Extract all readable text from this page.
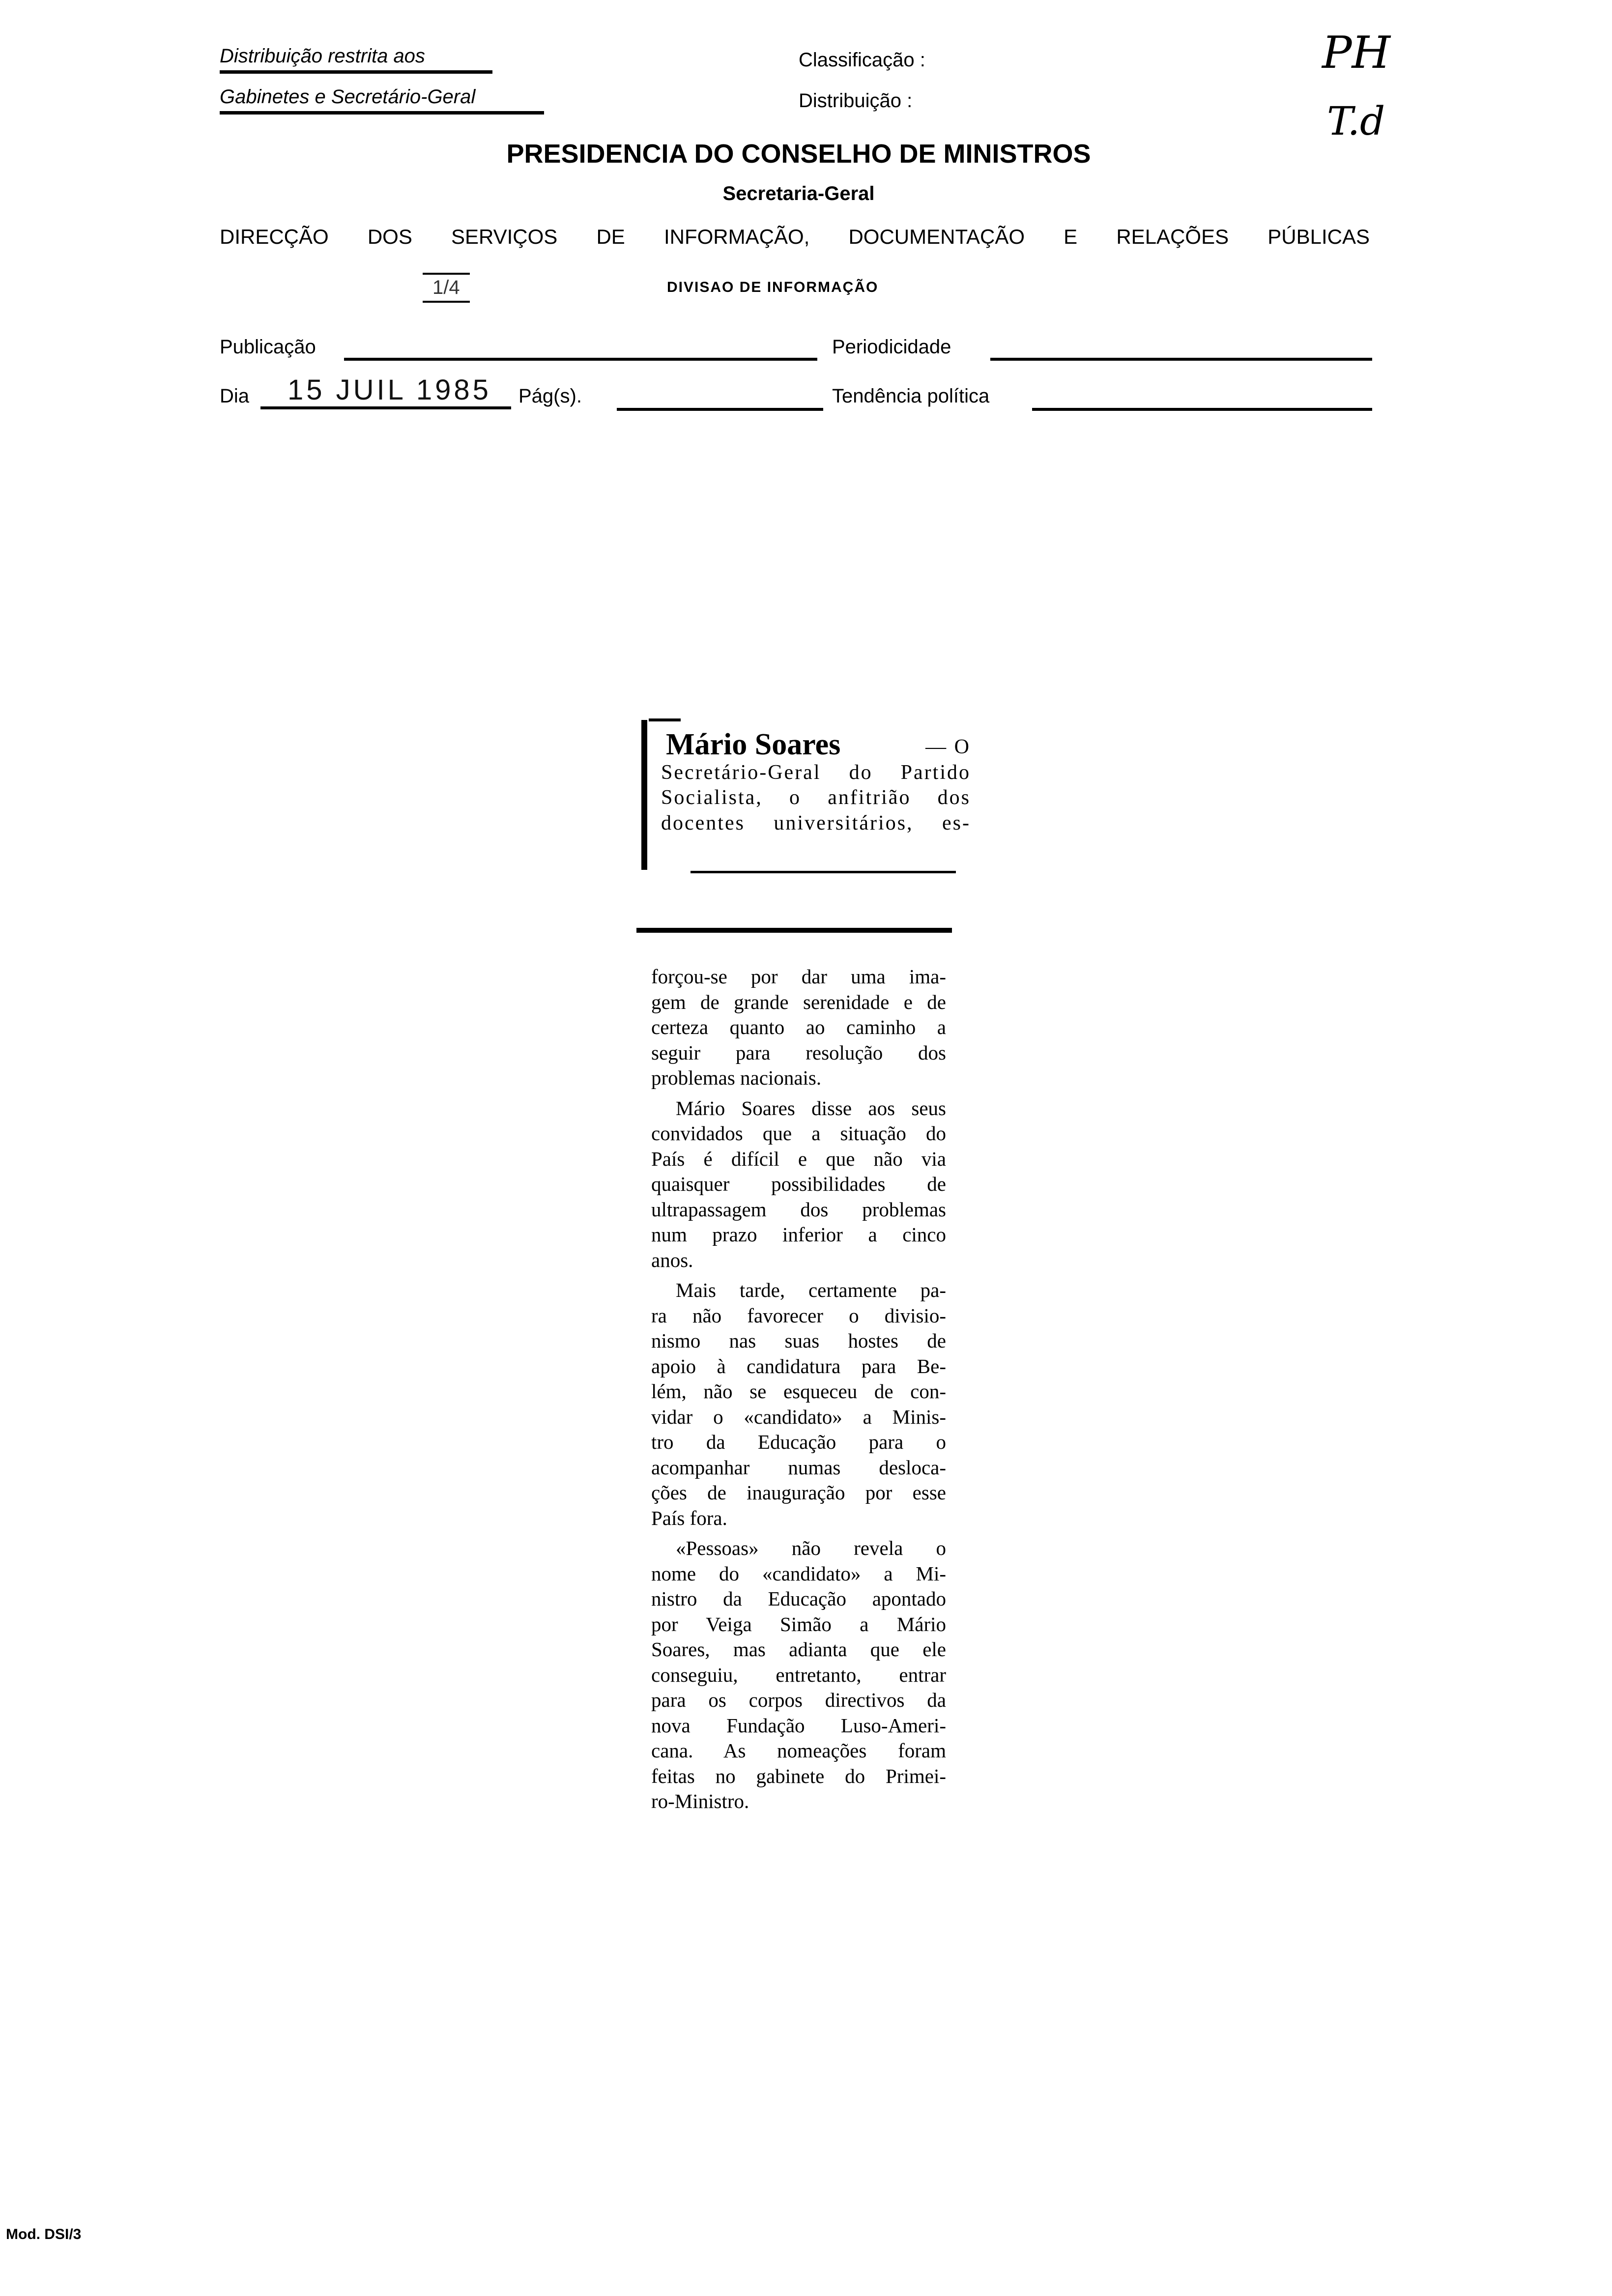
Distribuição restrita aos
Gabinetes e Secretário-Geral
Classificação :
Distribuição :
PH
T.d
PRESIDENCIA DO CONSELHO DE MINISTROS
Secretaria-Geral
DIRECÇÃO DOS SERVIÇOS DE INFORMAÇÃO, DOCUMENTAÇÃO E RELAÇÕES PÚBLICAS
1/4	DIVISAO DE INFORMAÇÃO
Publicação	Periodicidade
Dia	15 JUIL 1985	Pág(s).	Tendência política
Mário Soares	— O
Secretário-Geral do Partido
Socialista, o anfitrião dos
docentes universitários, es-
forçou-se por dar uma ima-
gem de grande serenidade e de
certeza quanto ao caminho a
seguir para resolução dos
problemas nacionais.
Mário Soares disse aos seus
convidados que a situação do
País é difícil e que não via
quaisquer possibilidades de
ultrapassagem dos problemas
num prazo inferior a cinco
anos.
Mais tarde, certamente pa-
ra não favorecer o divisio-
nismo nas suas hostes de
apoio à candidatura para Be-
lém, não se esqueceu de con-
vidar o «candidato» a Minis-
tro da Educação para o
acompanhar numas desloca-
ções de inauguração por esse
País fora.
«Pessoas» não revela o
nome do «candidato» a Mi-
nistro da Educação apontado
por Veiga Simão a Mário
Soares, mas adianta que ele
conseguiu, entretanto, entrar
para os corpos directivos da
nova Fundação Luso-Ameri-
cana. As nomeações foram
feitas no gabinete do Primei-
ro-Ministro.
Mod. DSI/3
